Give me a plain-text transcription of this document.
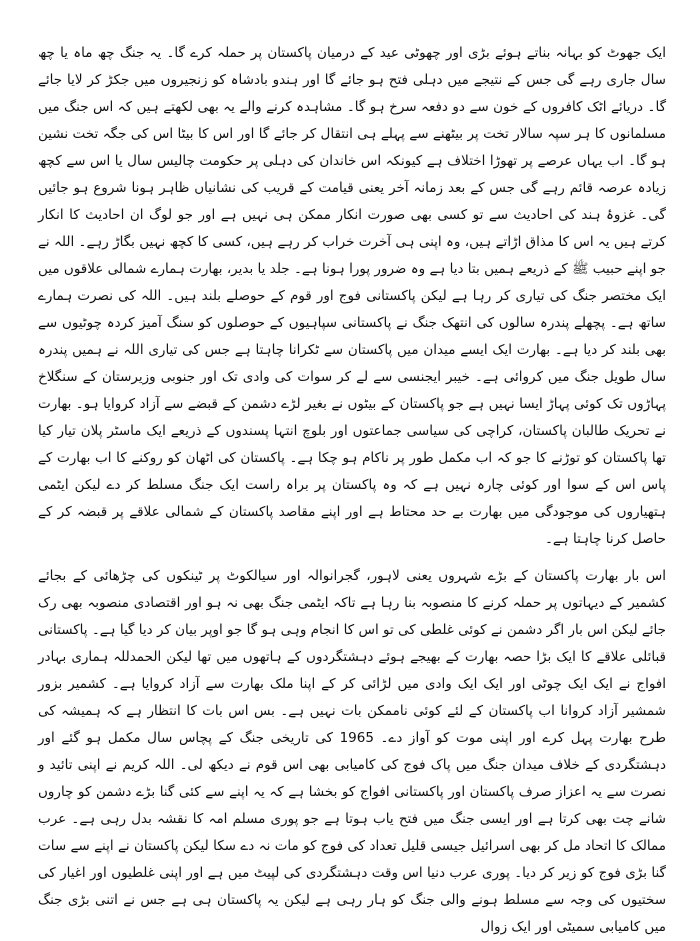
ایک جھوٹ کو بہانہ بناتے ہوئے بڑی اور چھوٹی عید کے درمیان پاکستان پر حملہ کرے گا۔ یہ جنگ چھ ماہ یا چھ سال جاری رہے گی جس کے نتیجے میں دہلی فتح ہو جائے گا اور ہندو بادشاہ کو زنجیروں میں جکڑ کر لایا جائے گا۔ دریائے اٹک کافروں کے خون سے دو دفعہ سرخ ہو گا۔ مشاہدہ کرنے والے یہ بھی لکھتے ہیں کہ اس جنگ میں مسلمانوں کا ہر سپہ سالار تخت پر بیٹھنے سے پہلے ہی انتقال کر جائے گا اور اس کا بیٹا اس کی جگہ تخت نشین ہو گا۔ اب یہاں عرصے پر تھوڑا اختلاف ہے کیونکہ اس خاندان کی دہلی پر حکومت چالیس سال یا اس سے کچھ زیادہ عرصہ قائم رہے گی جس کے بعد زمانہ آخر یعنی قیامت کے قریب کی نشانیاں ظاہر ہونا شروع ہو جائیں گی۔ غزوۂ ہند کی احادیث سے تو کسی بھی صورت انکار ممکن ہی نہیں ہے اور جو لوگ ان احادیث کا انکار کرتے ہیں یہ اس کا مذاق اڑاتے ہیں، وہ اپنی ہی آخرت خراب کر رہے ہیں، کسی کا کچھ نہیں بگاڑ رہے۔ اللہ نے جو اپنے حبیب ﷺ کے ذریعے ہمیں بتا دیا ہے وہ ضرور پورا ہونا ہے۔ جلد یا بدیر، بھارت ہمارے شمالی علاقوں میں ایک مختصر جنگ کی تیاری کر رہا ہے لیکن پاکستانی فوج اور قوم کے حوصلے بلند ہیں۔ اللہ کی نصرت ہمارے ساتھ ہے۔ پچھلے پندرہ سالوں کی انتھک جنگ نے پاکستانی سپاہیوں کے حوصلوں کو سنگ آمیز کردہ چوٹیوں سے بھی بلند کر دیا ہے۔ بھارت ایک ایسے میدان میں پاکستان سے ٹکرانا چاہتا ہے جس کی تیاری اللہ نے ہمیں پندرہ سال طویل جنگ میں کروائی ہے۔ خیبر ایجنسی سے لے کر سوات کی وادی تک اور جنوبی وزیرستان کے سنگلاخ پہاڑوں تک کوئی پہاڑ ایسا نہیں ہے جو پاکستان کے بیٹوں نے بغیر لڑے دشمن کے قبضے سے آزاد کروایا ہو۔ بھارت نے تحریک طالبان پاکستان، کراچی کی سیاسی جماعتوں اور بلوچ انتہا پسندوں کے ذریعے ایک ماسٹر پلان تیار کیا تھا پاکستان کو توڑنے کا جو کہ اب مکمل طور پر ناکام ہو چکا ہے۔ پاکستان کی اٹھان کو روکنے کا اب بھارت کے پاس اس کے سوا اور کوئی چارہ نہیں ہے کہ وہ پاکستان پر براہ راست ایک جنگ مسلط کر دے لیکن ایٹمی ہتھیاروں کی موجودگی میں بھارت بے حد محتاط ہے اور اپنے مقاصد پاکستان کے شمالی علاقے پر قبضہ کر کے حاصل کرنا چاہتا ہے۔

اس بار بھارت پاکستان کے بڑے شہروں یعنی لاہور، گجرانوالہ اور سیالکوٹ پر ٹینکوں کی چڑھائی کے بجائے کشمیر کے دیہاتوں پر حملہ کرنے کا منصوبہ بنا رہا ہے تاکہ ایٹمی جنگ بھی نہ ہو اور اقتصادی منصوبہ بھی رک جائے لیکن اس بار اگر دشمن نے کوئی غلطی کی تو اس کا انجام وہی ہو گا جو اوپر بیان کر دیا گیا ہے۔ پاکستانی قبائلی علاقے کا ایک بڑا حصہ بھارت کے بھیجے ہوئے دہشتگردوں کے ہاتھوں میں تھا لیکن الحمدللہ ہماری بہادر افواج نے ایک ایک چوٹی اور ایک ایک وادی میں لڑائی کر کے اپنا ملک بھارت سے آزاد کروایا ہے۔ کشمیر بزور شمشیر آزاد کروانا اب پاکستان کے لئے کوئی ناممکن بات نہیں ہے۔ بس اس بات کا انتظار ہے کہ ہمیشہ کی طرح بھارت پہل کرے اور اپنی موت کو آواز دے۔ 1965 کی تاریخی جنگ کے پچاس سال مکمل ہو گئے اور دہشتگردی کے خلاف میدان جنگ میں پاک فوج کی کامیابی بھی اس قوم نے دیکھ لی۔ اللہ کریم نے اپنی تائید و نصرت سے یہ اعزاز صرف پاکستان اور پاکستانی افواج کو بخشا ہے کہ یہ اپنے سے کئی گنا بڑے دشمن کو چاروں شانے چت بھی کرتا ہے اور ایسی جنگ میں فتح یاب ہوتا ہے جو پوری مسلم امہ کا نقشہ بدل رہی ہے۔ عرب ممالک کا اتحاد مل کر بھی اسرائیل جیسی قلیل تعداد کی فوج کو مات نہ دے سکا لیکن پاکستان نے اپنے سے سات گنا بڑی فوج کو زیر کر دیا۔ پوری عرب دنیا اس وقت دہشتگردی کی لپیٹ میں ہے اور اپنی غلطیوں اور اغیار کی سختیوں کی وجہ سے مسلط ہونے والی جنگ کو ہار رہی ہے لیکن یہ پاکستان ہی ہے جس نے اتنی بڑی جنگ میں کامیابی سمیٹی اور ایک زوال
